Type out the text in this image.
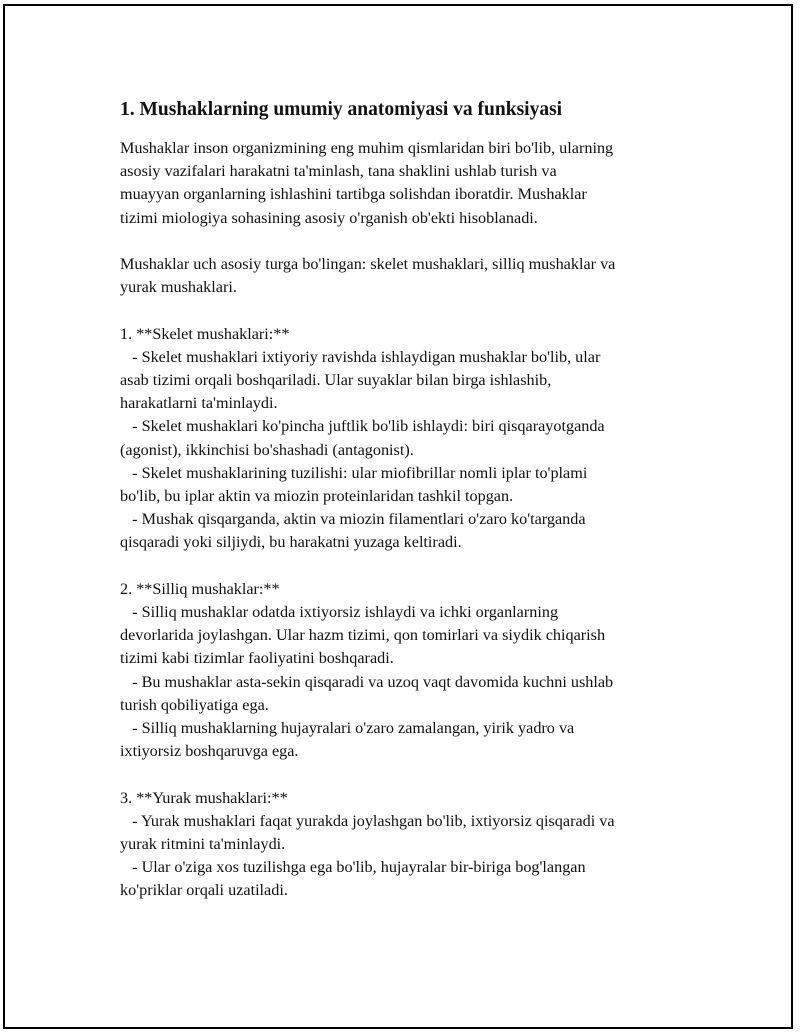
1. Mushaklarning umumiy anatomiyasi va funksiyasi

Mushaklar inson organizmining eng muhim qismlaridan biri bo'lib, ularning
asosiy vazifalari harakatni ta'minlash, tana shaklini ushlab turish va
muayyan organlarning ishlashini tartibga solishdan iboratdir. Mushaklar
tizimi miologiya sohasining asosiy o'rganish ob'ekti hisoblanadi.

Mushaklar uch asosiy turga bo'lingan: skelet mushaklari, silliq mushaklar va
yurak mushaklari.

1. **Skelet mushaklari:**
- Skelet mushaklari ixtiyoriy ravishda ishlaydigan mushaklar bo'lib, ular
asab tizimi orqali boshqariladi. Ular suyaklar bilan birga ishlashib,
harakatlarni ta'minlaydi.
- Skelet mushaklari ko'pincha juftlik bo'lib ishlaydi: biri qisqarayotganda
(agonist), ikkinchisi bo'shashadi (antagonist).
- Skelet mushaklarining tuzilishi: ular miofibrillar nomli iplar to'plami
bo'lib, bu iplar aktin va miozin proteinlaridan tashkil topgan.
- Mushak qisqarganda, aktin va miozin filamentlari o'zaro ko'targanda
qisqaradi yoki siljiydi, bu harakatni yuzaga keltiradi.

2. **Silliq mushaklar:**
- Silliq mushaklar odatda ixtiyorsiz ishlaydi va ichki organlarning
devorlarida joylashgan. Ular hazm tizimi, qon tomirlari va siydik chiqarish
tizimi kabi tizimlar faoliyatini boshqaradi.
- Bu mushaklar asta-sekin qisqaradi va uzoq vaqt davomida kuchni ushlab
turish qobiliyatiga ega.
- Silliq mushaklarning hujayralari o'zaro zamalangan, yirik yadro va
ixtiyorsiz boshqaruvga ega.

3. **Yurak mushaklari:**
- Yurak mushaklari faqat yurakda joylashgan bo'lib, ixtiyorsiz qisqaradi va
yurak ritmini ta'minlaydi.
- Ular o'ziga xos tuzilishga ega bo'lib, hujayralar bir-biriga bog'langan
ko'priklar orqali uzatiladi.
